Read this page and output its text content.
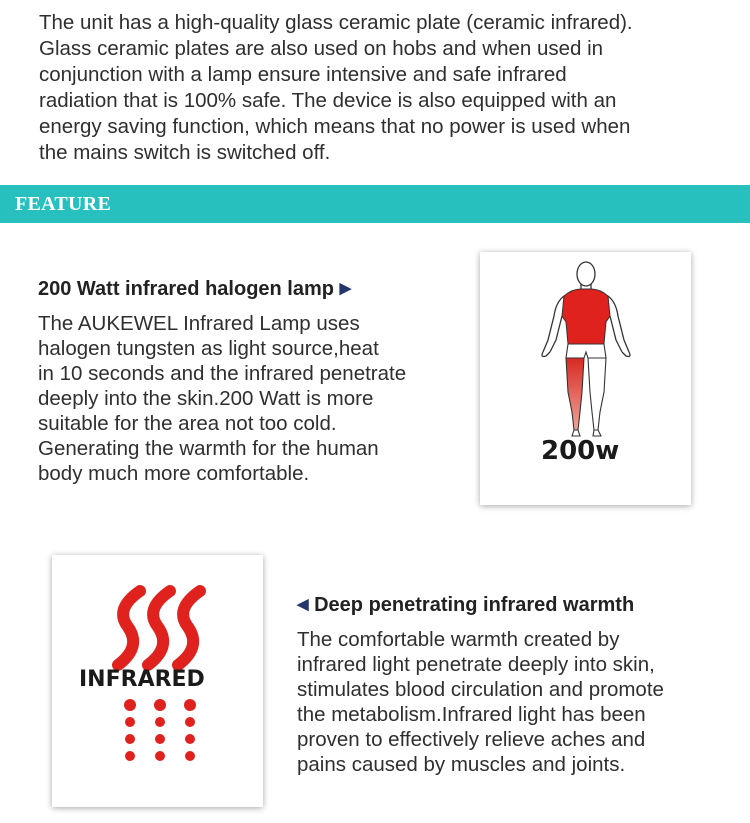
The unit has a high-quality glass ceramic plate (ceramic infrared).
Glass ceramic plates are also used on hobs and when used in
conjunction with a lamp ensure intensive and safe infrared
radiation that is 100% safe. The device is also equipped with an
energy saving function, which means that no power is used when
the mains switch is switched off.
FEATURE
200 Watt infrared halogen lamp ▶
The AUKEWEL Infrared Lamp uses
halogen tungsten as light source,heat
in 10 seconds and the infrared penetrate
deeply into the skin.200 Watt is more
suitable for the area not too cold.
Generating the warmth for the human
body much more comfortable.
200w
INFRARED
◀ Deep penetrating infrared warmth
The comfortable warmth created by
infrared light penetrate deeply into skin,
stimulates blood circulation and promote
the metabolism.Infrared light has been
proven to effectively relieve aches and
pains caused by muscles and joints.
